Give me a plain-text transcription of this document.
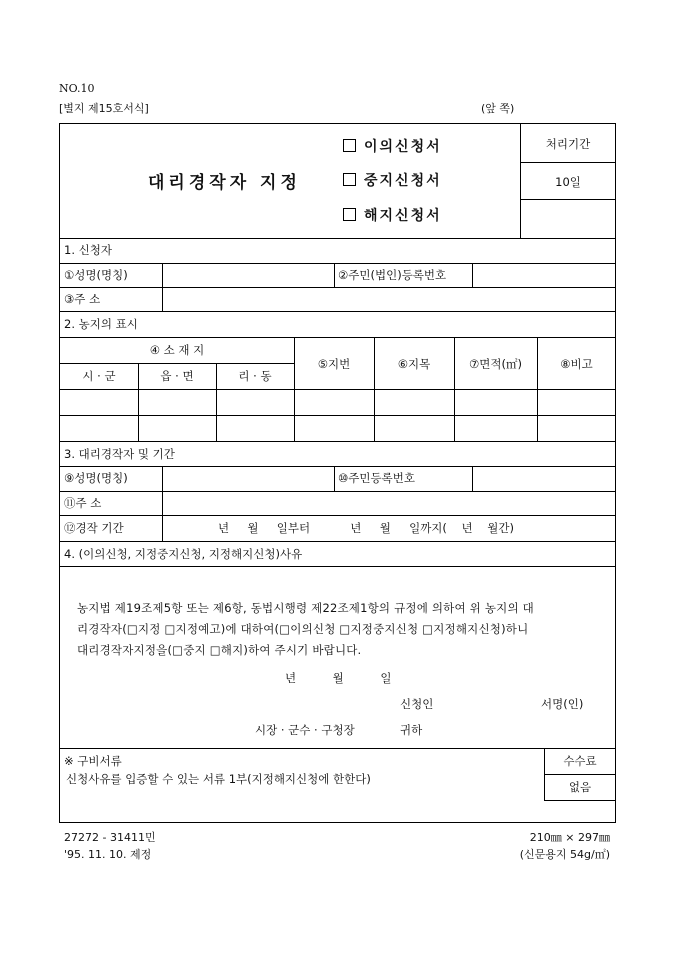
NO.10
[별지 제15호서식]	(앞 쪽)
대리경작자 지정
이의신청서
중지신청서
해지신청서
처리기간
10일
1. 신청자
①성명(명칭)	②주민(법인)등록번호
③주 소
2. 농지의 표시
④ 소 재 지
시 · 군	읍 · 면	리 · 동
⑤지번	⑥지목	⑦면적(㎡)	⑧비고
3. 대리경작자 및 기간
⑨성명(명칭)	⑩주민등록번호
⑪주 소
⑫경작 기간	년     월     일부터           년     월     일까지(    년    월간)
4. (이의신청, 지정중지신청, 지정해지신청)사유
농지법 제19조제5항 또는 제6항, 동법시행령 제22조제1항의 규정에 의하여 위 농지의 대
리경작자(□지정 □지정예고)에 대하여(□이의신청 □지정중지신청 □지정해지신청)하니
대리경작자지정을(□중지 □해지)하여 주시기 바랍니다.
년          월          일
신청인	서명(인)
시장 · 군수 · 구청장	귀하
※ 구비서류
신청사유를 입증할 수 있는 서류 1부(지정해지신청에 한한다)
수수료
없음
27272 - 31411민
'95. 11. 10. 제정
210㎜ × 297㎜
(신문용지 54g/㎡)
